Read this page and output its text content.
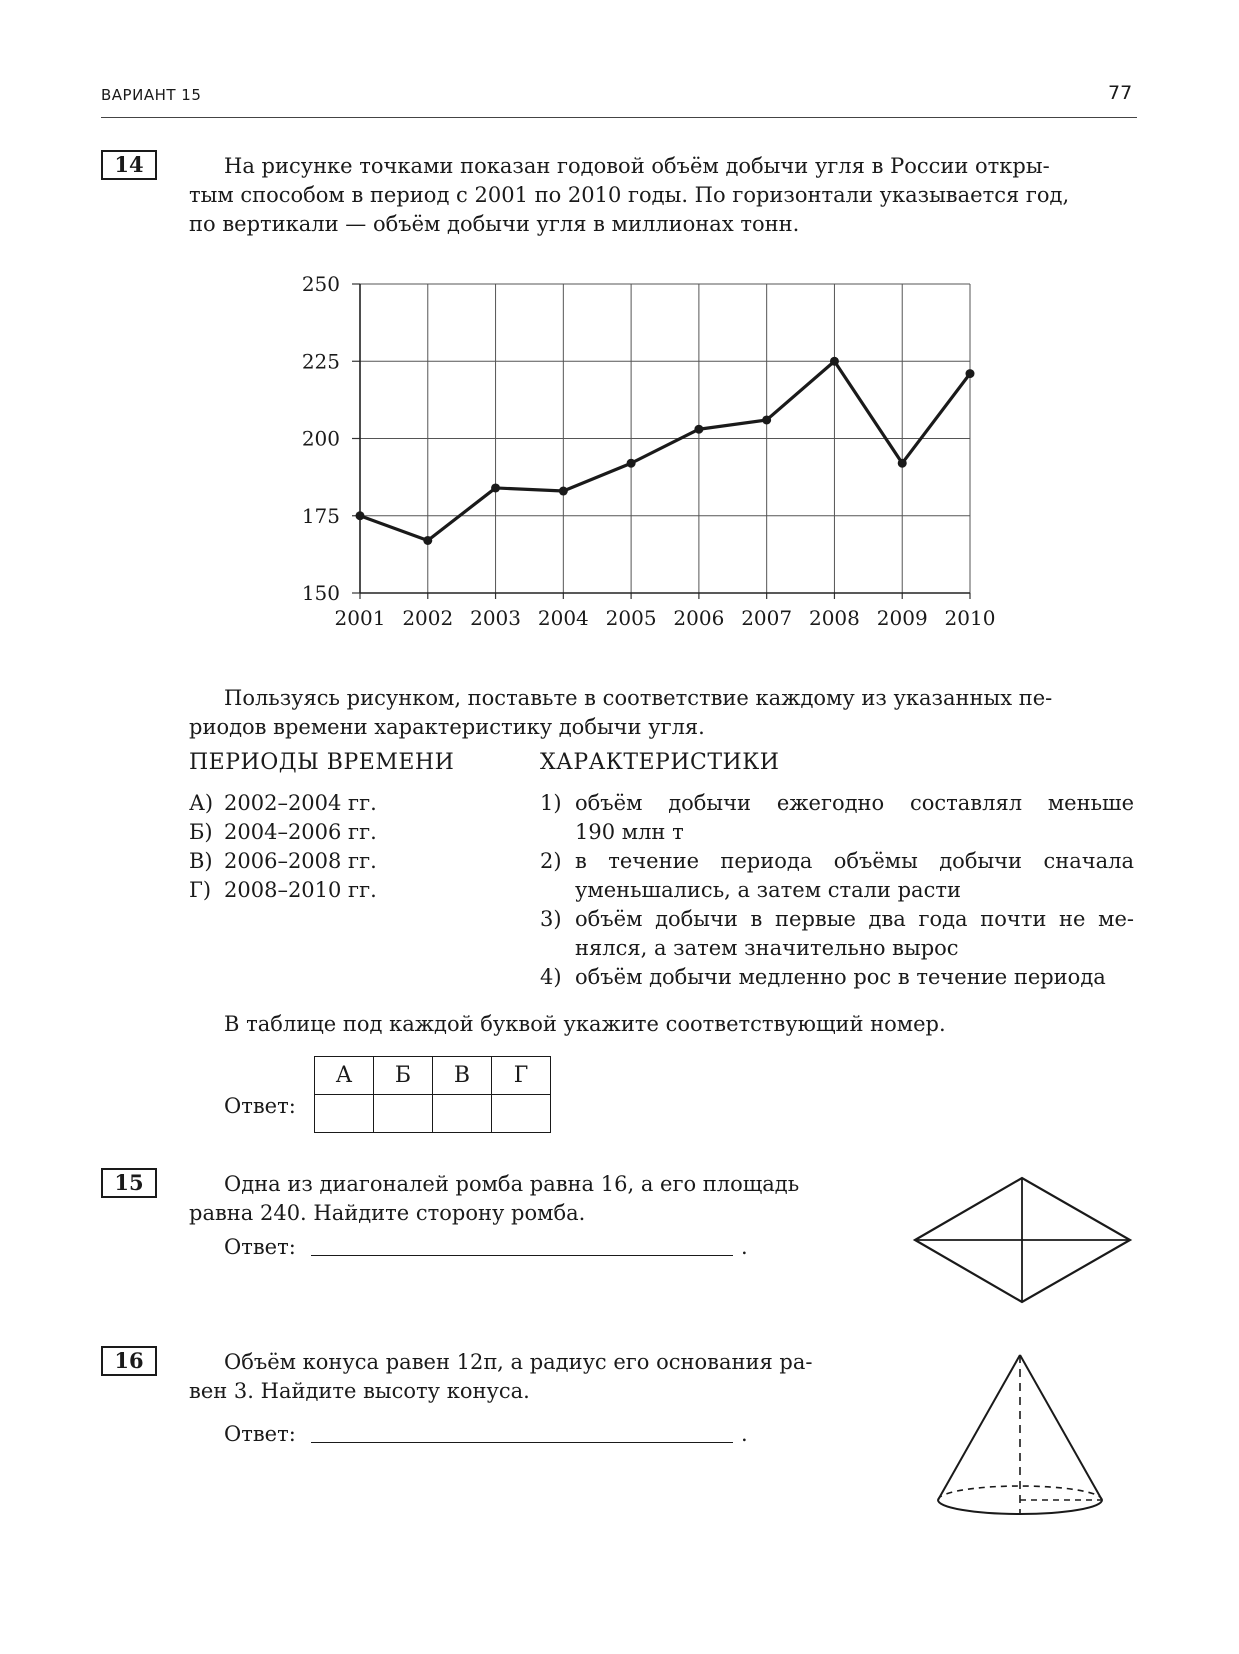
ВАРИАНТ 15	77
14	На рисунке точками показан годовой объём добычи угля в России откры-
тым способом в период с 2001 по 2010 годы. По горизонтали указывается год,
по вертикали — объём добычи угля в миллионах тонн.
150
175
200
225
250
2001 2002 2003 2004 2005 2006 2007 2008 2009 2010
Пользуясь рисунком, поставьте в соответствие каждому из указанных пе-
риодов времени характеристику добычи угля.
ПЕРИОДЫ ВРЕМЕНИ	ХАРАКТЕРИСТИКИ
А) 2002–2004 гг.
Б) 2004–2006 гг.
В) 2006–2008 гг.
Г) 2008–2010 гг.
1) объём добычи ежегодно составлял меньше
190 млн т
2) в течение периода объёмы добычи сначала
уменьшались, а затем стали расти
3) объём добычи в первые два года почти не ме-
нялся, а затем значительно вырос
4) объём добычи медленно рос в течение периода
В таблице под каждой буквой укажите соответствующий номер.
Ответ:
А	Б	В	Г

15	Одна из диагоналей ромба равна 16, а его площадь
равна 240. Найдите сторону ромба.
Ответ:	.
16	Объём конуса равен 12π, а радиус его основания ра-
вен 3. Найдите высоту конуса.
Ответ:	.
